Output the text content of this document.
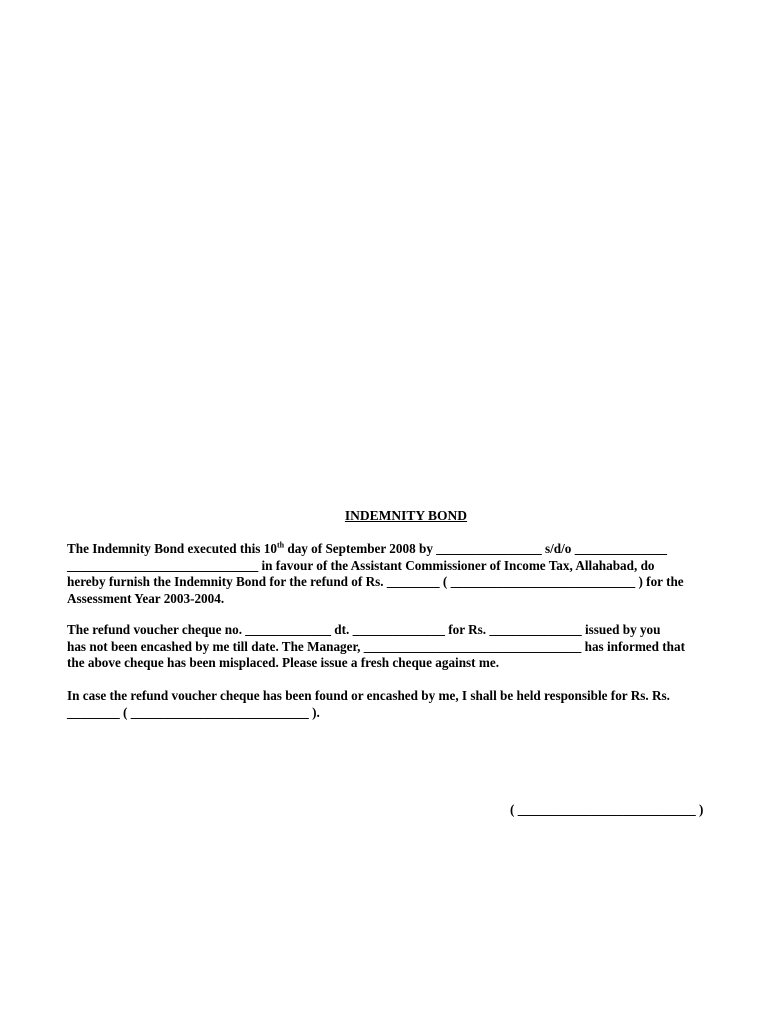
INDEMNITY BOND
The Indemnity Bond executed this 10th day of September 2008 by ________________ s/d/o ______________
_____________________________ in favour of the Assistant Commissioner of Income Tax, Allahabad, do
hereby furnish the Indemnity Bond for the refund of Rs. ________ ( ____________________________ ) for the
Assessment Year 2003-2004.
The refund voucher cheque no. _____________ dt. ______________ for Rs. ______________ issued by you
has not been encashed by me till date. The Manager, _________________________________ has informed that
the above cheque has been misplaced. Please issue a fresh cheque against me.
In case the refund voucher cheque has been found or encashed by me, I shall be held responsible for Rs. Rs.
________ ( ___________________________ ).
( ___________________________ )
